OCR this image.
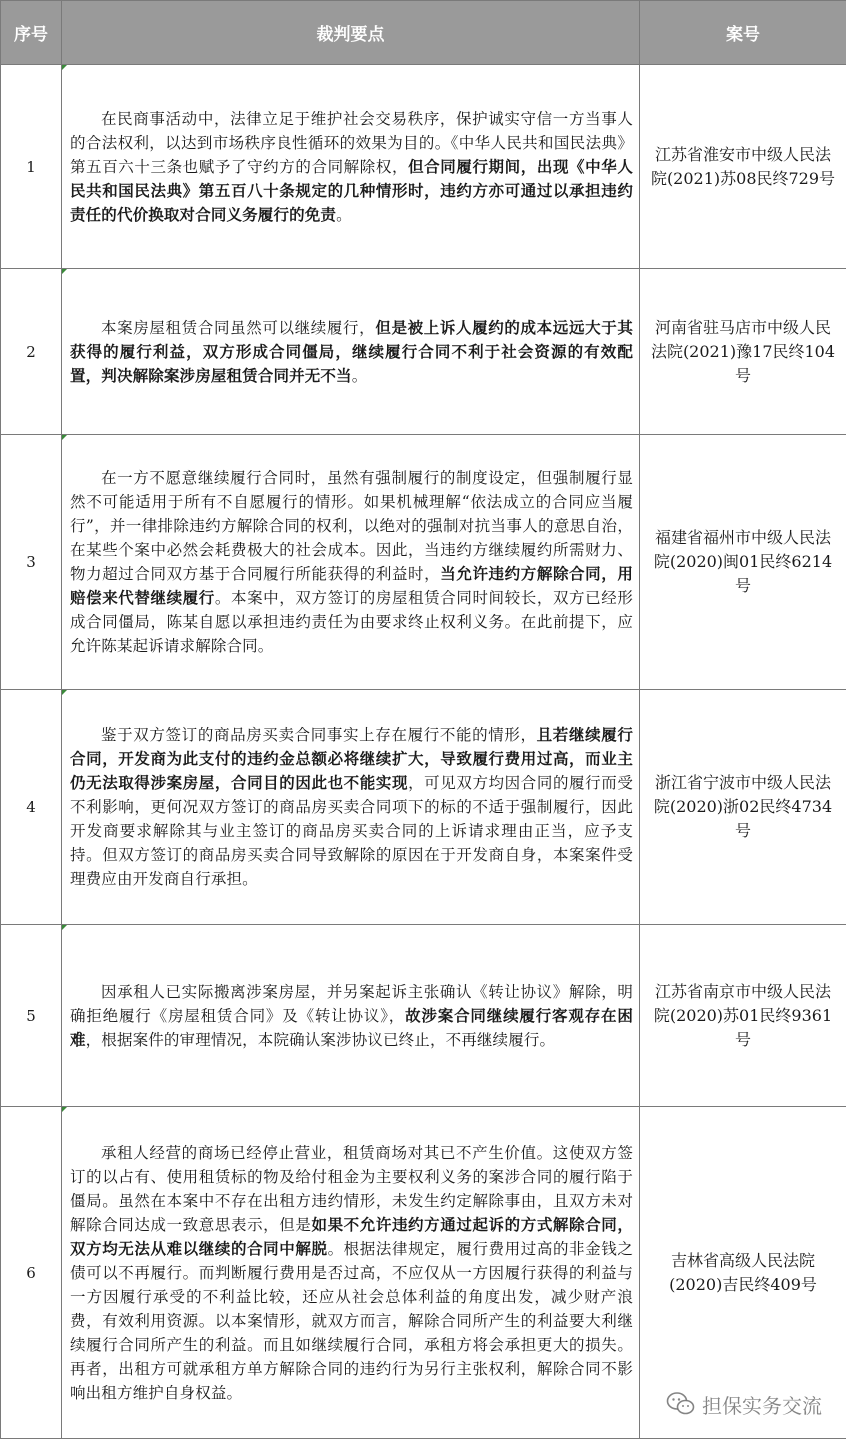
序号	裁判要点	案号
1	在民商事活动中，法律立足于维护社会交易秩序，保护诚实守信一方当事人的合法权利，以达到市场秩序良性循环的效果为目的。《中华人民共和国民法典》第五百六十三条也赋予了守约方的合同解除权，但合同履行期间，出现《中华人民共和国民法典》第五百八十条规定的几种情形时，违约方亦可通过以承担违约责任的代价换取对合同义务履行的免责。	江苏省淮安市中级人民法院(2021)苏08民终729号
2	本案房屋租赁合同虽然可以继续履行，但是被上诉人履约的成本远远大于其获得的履行利益，双方形成合同僵局，继续履行合同不利于社会资源的有效配置，判决解除案涉房屋租赁合同并无不当。	河南省驻马店市中级人民法院(2021)豫17民终104号
3	在一方不愿意继续履行合同时，虽然有强制履行的制度设定，但强制履行显然不可能适用于所有不自愿履行的情形。如果机械理解“依法成立的合同应当履行”，并一律排除违约方解除合同的权利，以绝对的强制对抗当事人的意思自治，在某些个案中必然会耗费极大的社会成本。因此，当违约方继续履约所需财力、物力超过合同双方基于合同履行所能获得的利益时，当允许违约方解除合同，用赔偿来代替继续履行。本案中，双方签订的房屋租赁合同时间较长，双方已经形成合同僵局，陈某自愿以承担违约责任为由要求终止权利义务。在此前提下，应允许陈某起诉请求解除合同。	福建省福州市中级人民法院(2020)闽01民终6214号
4	鉴于双方签订的商品房买卖合同事实上存在履行不能的情形，且若继续履行合同，开发商为此支付的违约金总额必将继续扩大，导致履行费用过高，而业主仍无法取得涉案房屋，合同目的因此也不能实现，可见双方均因合同的履行而受不利影响，更何况双方签订的商品房买卖合同项下的标的不适于强制履行，因此开发商要求解除其与业主签订的商品房买卖合同的上诉请求理由正当，应予支持。但双方签订的商品房买卖合同导致解除的原因在于开发商自身，本案案件受理费应由开发商自行承担。	浙江省宁波市中级人民法院(2020)浙02民终4734号
5	因承租人已实际搬离涉案房屋，并另案起诉主张确认《转让协议》解除，明确拒绝履行《房屋租赁合同》及《转让协议》，故涉案合同继续履行客观存在困难，根据案件的审理情况，本院确认案涉协议已终止，不再继续履行。	江苏省南京市中级人民法院(2020)苏01民终9361号
6	承租人经营的商场已经停止营业，租赁商场对其已不产生价值。这使双方签订的以占有、使用租赁标的物及给付租金为主要权利义务的案涉合同的履行陷于僵局。虽然在本案中不存在出租方违约情形，未发生约定解除事由，且双方未对解除合同达成一致意思表示，但是如果不允许违约方通过起诉的方式解除合同，双方均无法从难以继续的合同中解脱。根据法律规定，履行费用过高的非金钱之债可以不再履行。而判断履行费用是否过高，不应仅从一方因履行获得的利益与一方因履行承受的不利益比较，还应从社会总体利益的角度出发，减少财产浪费，有效利用资源。以本案情形，就双方而言，解除合同所产生的利益要大利继续履行合同所产生的利益。而且如继续履行合同，承租方将会承担更大的损失。再者，出租方可就承租方单方解除合同的违约行为另行主张权利，解除合同不影响出租方维护自身权益。	吉林省高级人民法院(2020)吉民终409号
担保实务交流
